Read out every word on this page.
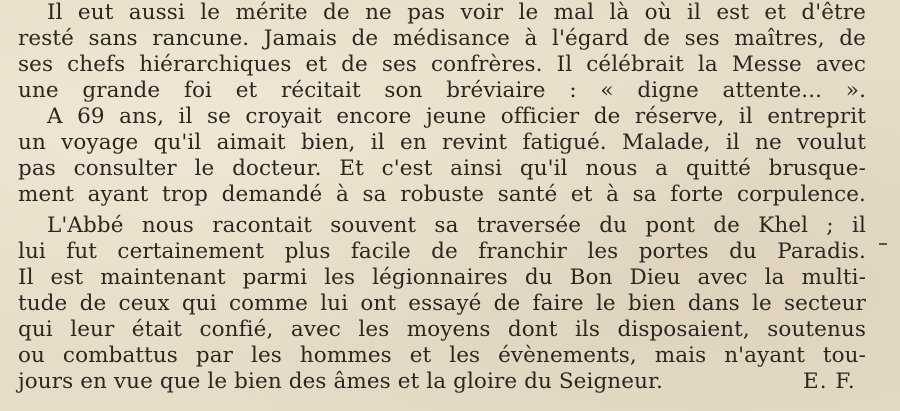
Il eut aussi le mérite de ne pas voir le mal là où il est et d'être
resté sans rancune. Jamais de médisance à l'égard de ses maîtres, de
ses chefs hiérarchiques et de ses confrères. Il célébrait la Messe avec
une grande foi et récitait son bréviaire : « digne attente... ».
A 69 ans, il se croyait encore jeune officier de réserve, il entreprit
un voyage qu'il aimait bien, il en revint fatigué. Malade, il ne voulut
pas consulter le docteur. Et c'est ainsi qu'il nous a quitté brusque-
ment ayant trop demandé à sa robuste santé et à sa forte corpulence.
L'Abbé nous racontait souvent sa traversée du pont de Khel ; il
lui fut certainement plus facile de franchir les portes du Paradis.
Il est maintenant parmi les légionnaires du Bon Dieu avec la multi-
tude de ceux qui comme lui ont essayé de faire le bien dans le secteur
qui leur était confié, avec les moyens dont ils disposaient, soutenus
ou combattus par les hommes et les évènements, mais n'ayant tou-
jours en vue que le bien des âmes et la gloire du Seigneur.	E. F.
